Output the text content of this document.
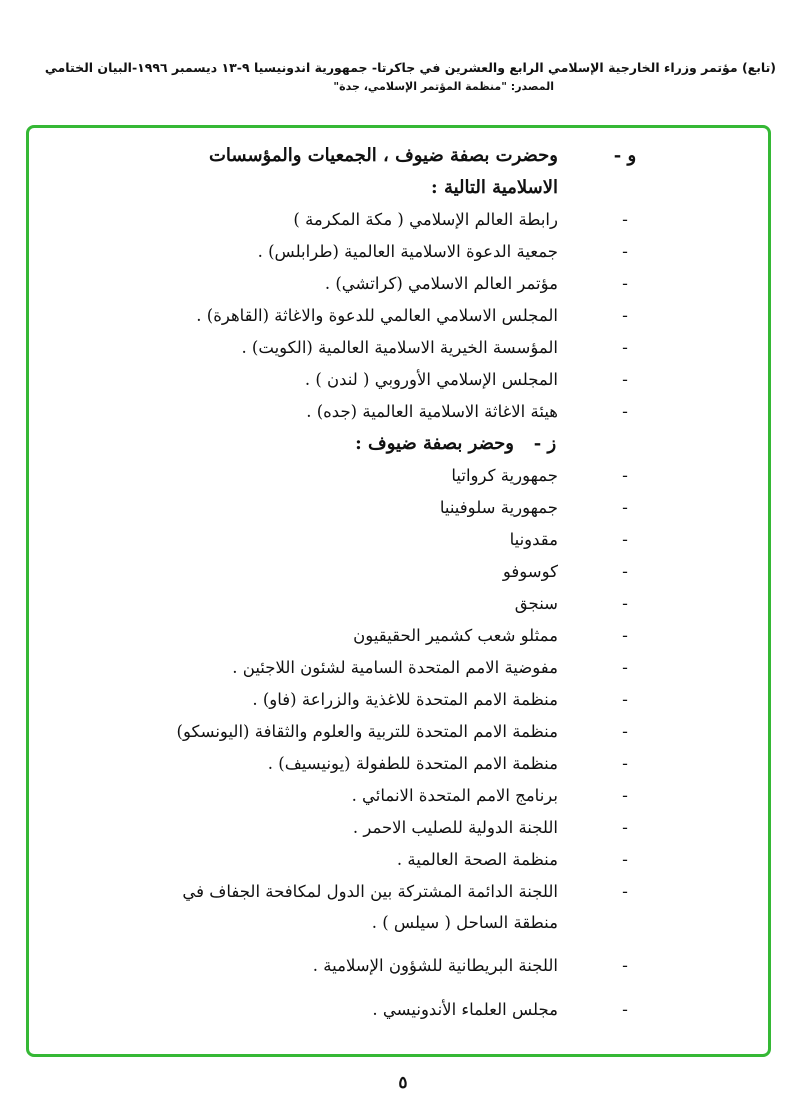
(تابع) مؤتمر وزراء الخارجية الإسلامي الرابع والعشرين في جاكرتا- جمهورية اندونيسيا ٩-١٣ ديسمبر ١٩٩٦-البيان الختامي
المصدر: "منظمة المؤتمر الإسلامي، جدة"
و -
وحضرت بصفة ضيوف ، الجمعيات والمؤسسات
الاسلامية التالية :
-
رابطة العالم الإسلامي ( مكة المكرمة )
-
جمعية الدعوة الاسلامية العالمية (طرابلس) .
-
مؤتمر العالم الاسلامي (كراتشي) .
-
المجلس الاسلامي العالمي للدعوة والاغاثة (القاهرة) .
-
المؤسسة الخيرية الاسلامية العالمية (الكويت) .
-
المجلس الإسلامي الأوروبي ( لندن ) .
-
هيئة الاغاثة الاسلامية العالمية (جده) .
ز -
وحضر بصفة ضيوف :
-
جمهورية كرواتيا
-
جمهورية سلوفينيا
-
مقدونيا
-
كوسوفو
-
سنجق
-
ممثلو شعب كشمير الحقيقيون
-
مفوضية الامم المتحدة السامية لشئون اللاجئين .
-
منظمة الامم المتحدة للاغذية والزراعة (فاو) .
-
منظمة الامم المتحدة للتربية والعلوم والثقافة (اليونسكو)
-
منظمة الامم المتحدة للطفولة (يونيسيف) .
-
برنامج الامم المتحدة الانمائي .
-
اللجنة الدولية للصليب الاحمر .
-
منظمة الصحة العالمية .
-
اللجنة الدائمة المشتركة بين الدول لمكافحة الجفاف في منطقة الساحل ( سيلس ) .
-
اللجنة البريطانية للشؤون الإسلامية .
-
مجلس العلماء الأندونيسي .
٥
